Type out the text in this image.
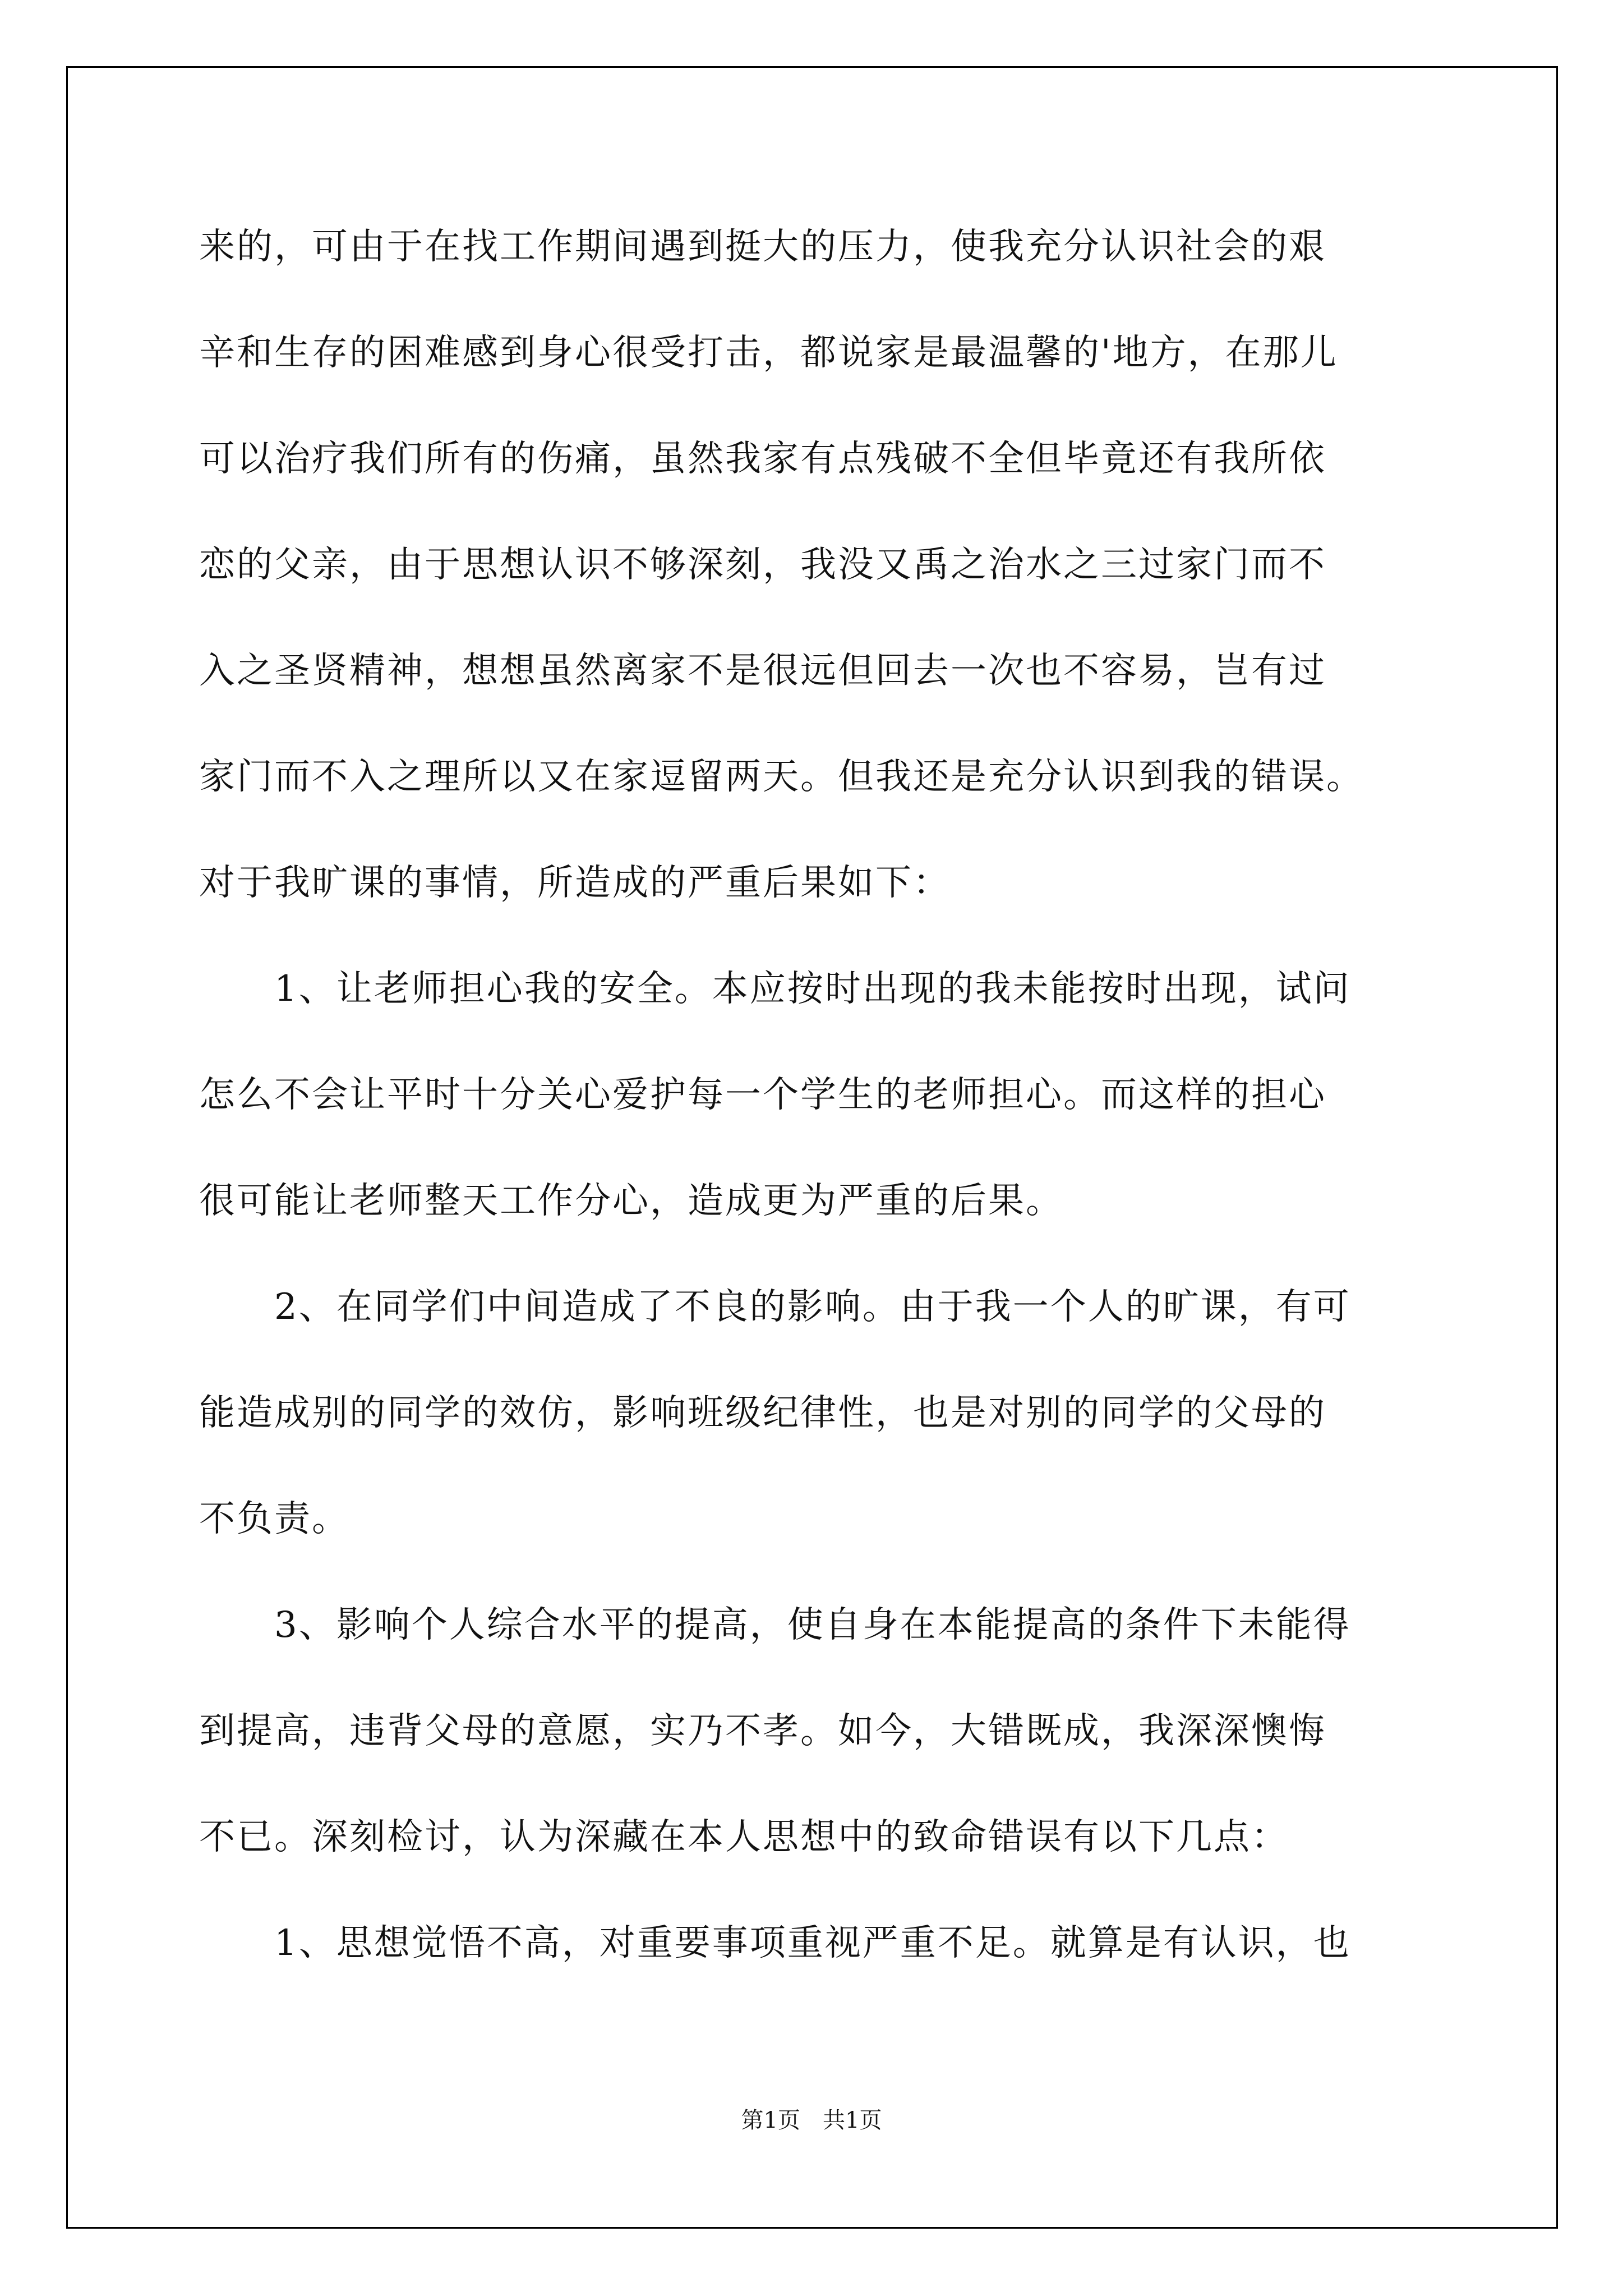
来的，可由于在找工作期间遇到挺大的压力，使我充分认识社会的艰
辛和生存的困难感到身心很受打击，都说家是最温馨的'地方，在那儿
可以治疗我们所有的伤痛，虽然我家有点残破不全但毕竟还有我所依
恋的父亲，由于思想认识不够深刻，我没又禹之治水之三过家门而不
入之圣贤精神，想想虽然离家不是很远但回去一次也不容易，岂有过
家门而不入之理所以又在家逗留两天。但我还是充分认识到我的错误。
对于我旷课的事情，所造成的严重后果如下：
　　1、让老师担心我的安全。本应按时出现的我未能按时出现，试问
怎么不会让平时十分关心爱护每一个学生的老师担心。而这样的担心
很可能让老师整天工作分心，造成更为严重的后果。
　　2、在同学们中间造成了不良的影响。由于我一个人的旷课，有可
能造成别的同学的效仿，影响班级纪律性，也是对别的同学的父母的
不负责。
　　3、影响个人综合水平的提高，使自身在本能提高的条件下未能得
到提高，违背父母的意愿，实乃不孝。如今，大错既成，我深深懊悔
不已。深刻检讨，认为深藏在本人思想中的致命错误有以下几点：
　　1、思想觉悟不高，对重要事项重视严重不足。就算是有认识，也
第1页　共1页
